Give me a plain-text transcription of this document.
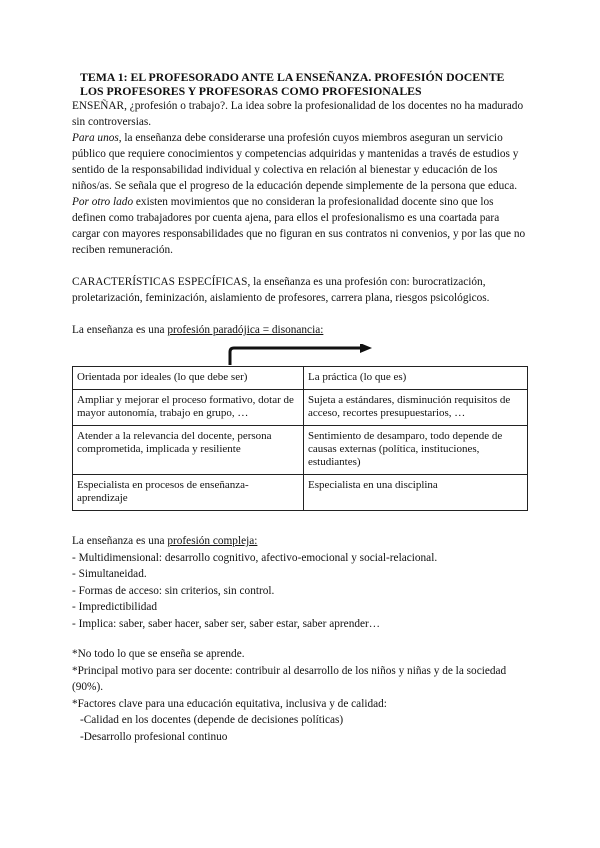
TEMA 1: EL PROFESORADO ANTE LA ENSEÑANZA. PROFESIÓN DOCENTE LOS PROFESORES Y PROFESORAS COMO PROFESIONALES

ENSEÑAR, ¿profesión o trabajo?. La idea sobre la profesionalidad de los docentes no ha madurado sin controversias.

Para unos, la enseñanza debe considerarse una profesión cuyos miembros aseguran un servicio público que requiere conocimientos y competencias adquiridas y mantenidas a través de estudios y sentido de la responsabilidad individual y colectiva en relación al bienestar y educación de los niños/as. Se señala que el progreso de la educación depende simplemente de la persona que educa. Por otro lado existen movimientos que no consideran la profesionalidad docente sino que los definen como trabajadores por cuenta ajena, para ellos el profesionalismo es una coartada para cargar con mayores responsabilidades que no figuran en sus contratos ni convenios, y por las que no reciben remuneración.

CARACTERÍSTICAS ESPECÍFICAS, la enseñanza es una profesión con: burocratización, proletarización, feminización, aislamiento de profesores, carrera plana, riesgos psicológicos.

La enseñanza es una profesión paradójica = disonancia:

Orientada por ideales (lo que debe ser)	La práctica (lo que es)
Ampliar y mejorar el proceso formativo, dotar de mayor autonomía, trabajo en grupo, …	Sujeta a estándares, disminución requisitos de acceso, recortes presupuestarios, …
Atender a la relevancia del docente, persona comprometida, implicada y resiliente	Sentimiento de desamparo, todo depende de causas externas (política, instituciones, estudiantes)
Especialista en procesos de enseñanza-aprendizaje	Especialista en una disciplina

La enseñanza es una profesión compleja:

- Multidimensional: desarrollo cognitivo, afectivo-emocional y social-relacional.

- Simultaneidad.

- Formas de acceso: sin criterios, sin control.

- Impredictibilidad

- Implica: saber, saber hacer, saber ser, saber estar, saber aprender…

*No todo lo que se enseña se aprende.

*Principal motivo para ser docente: contribuir al desarrollo de los niños y niñas y de la sociedad (90%).

*Factores clave para una educación equitativa, inclusiva y de calidad:

-Calidad en los docentes (depende de decisiones políticas)

-Desarrollo profesional continuo
